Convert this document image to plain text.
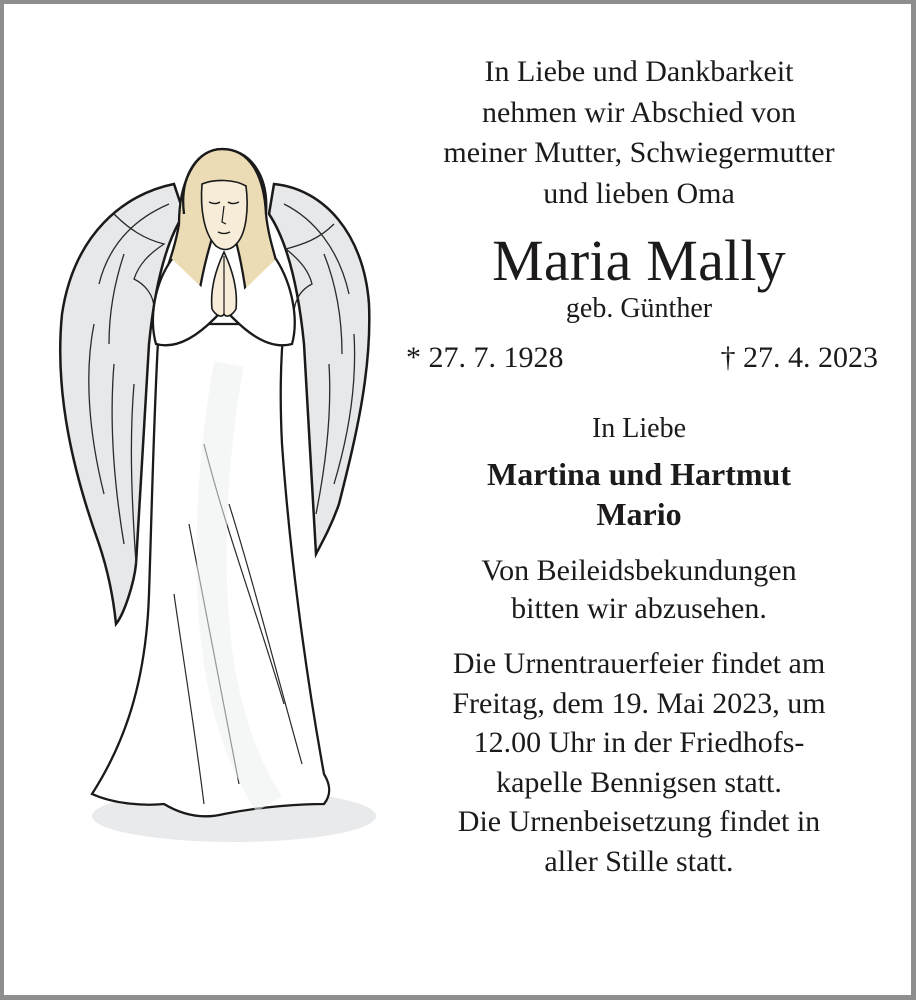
In Liebe und Dankbarkeit
nehmen wir Abschied von
meiner Mutter, Schwiegermutter
und lieben Oma
Maria Mally
geb. Günther
* 27. 7. 1928	† 27. 4. 2023
In Liebe
Martina und Hartmut
Mario
Von Beileidsbekundungen
bitten wir abzusehen.
Die Urnentrauerfeier findet am
Freitag, dem 19. Mai 2023, um
12.00 Uhr in der Friedhofs-
kapelle Bennigsen statt.
Die Urnenbeisetzung findet in
aller Stille statt.
